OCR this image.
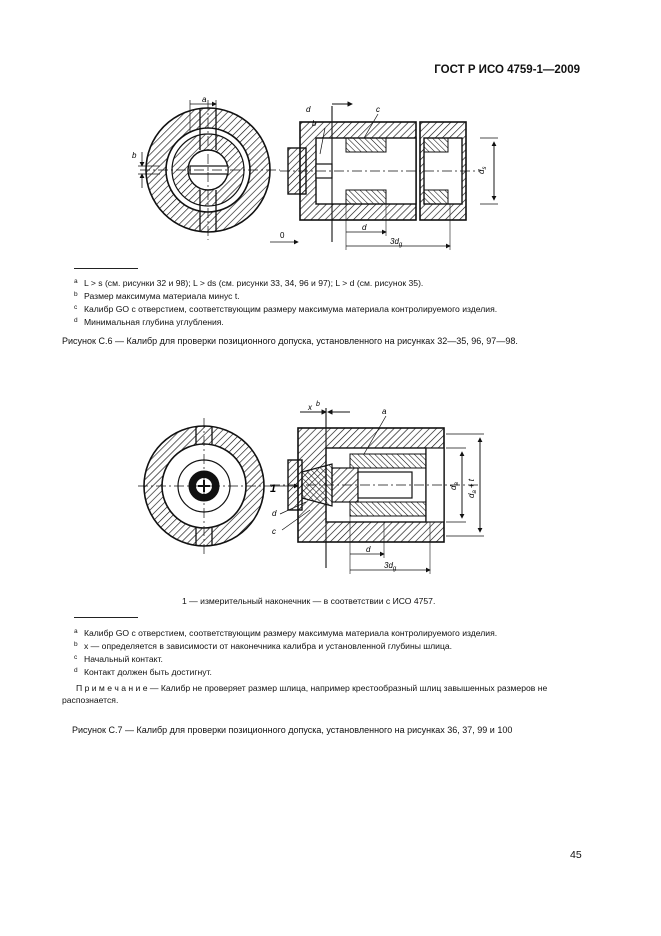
ГОСТ Р ИСО 4759-1—2009
a
b
d	c
b
0
d
$3d_g$
$d_s$
a L > s (см. рисунки 32 и 98); L > ds (см. рисунки 33, 34, 96 и 97); L > d (см. рисунок 35).
b Размер максимума материала минус t.
c Калибр GO с отверстием, соответствующим размеру максимума материала контролируемого изделия.
d Минимальная глубина углубления.
Рисунок С.6 — Калибр для проверки позиционного допуска, установленного на рисунках 32—35, 96, 97—98.
x b
a
1
d
c
d
$3d_g$
$d_a$
$d_a+ t$
1 — измерительный наконечник — в соответствии с ИСО 4757.
a Калибр GO с отверстием, соответствующим размеру максимума материала контролируемого изделия.
b x — определяется в зависимости от наконечника калибра и установленной глубины шлица.
c Начальный контакт.
d Контакт должен быть достигнут.
П р и м е ч а н и е — Калибр не проверяет размер шлица, например крестообразный шлиц завышенных размеров не распознается.
Рисунок С.7 — Калибр для проверки позиционного допуска, установленного на рисунках 36, 37, 99 и 100
45
